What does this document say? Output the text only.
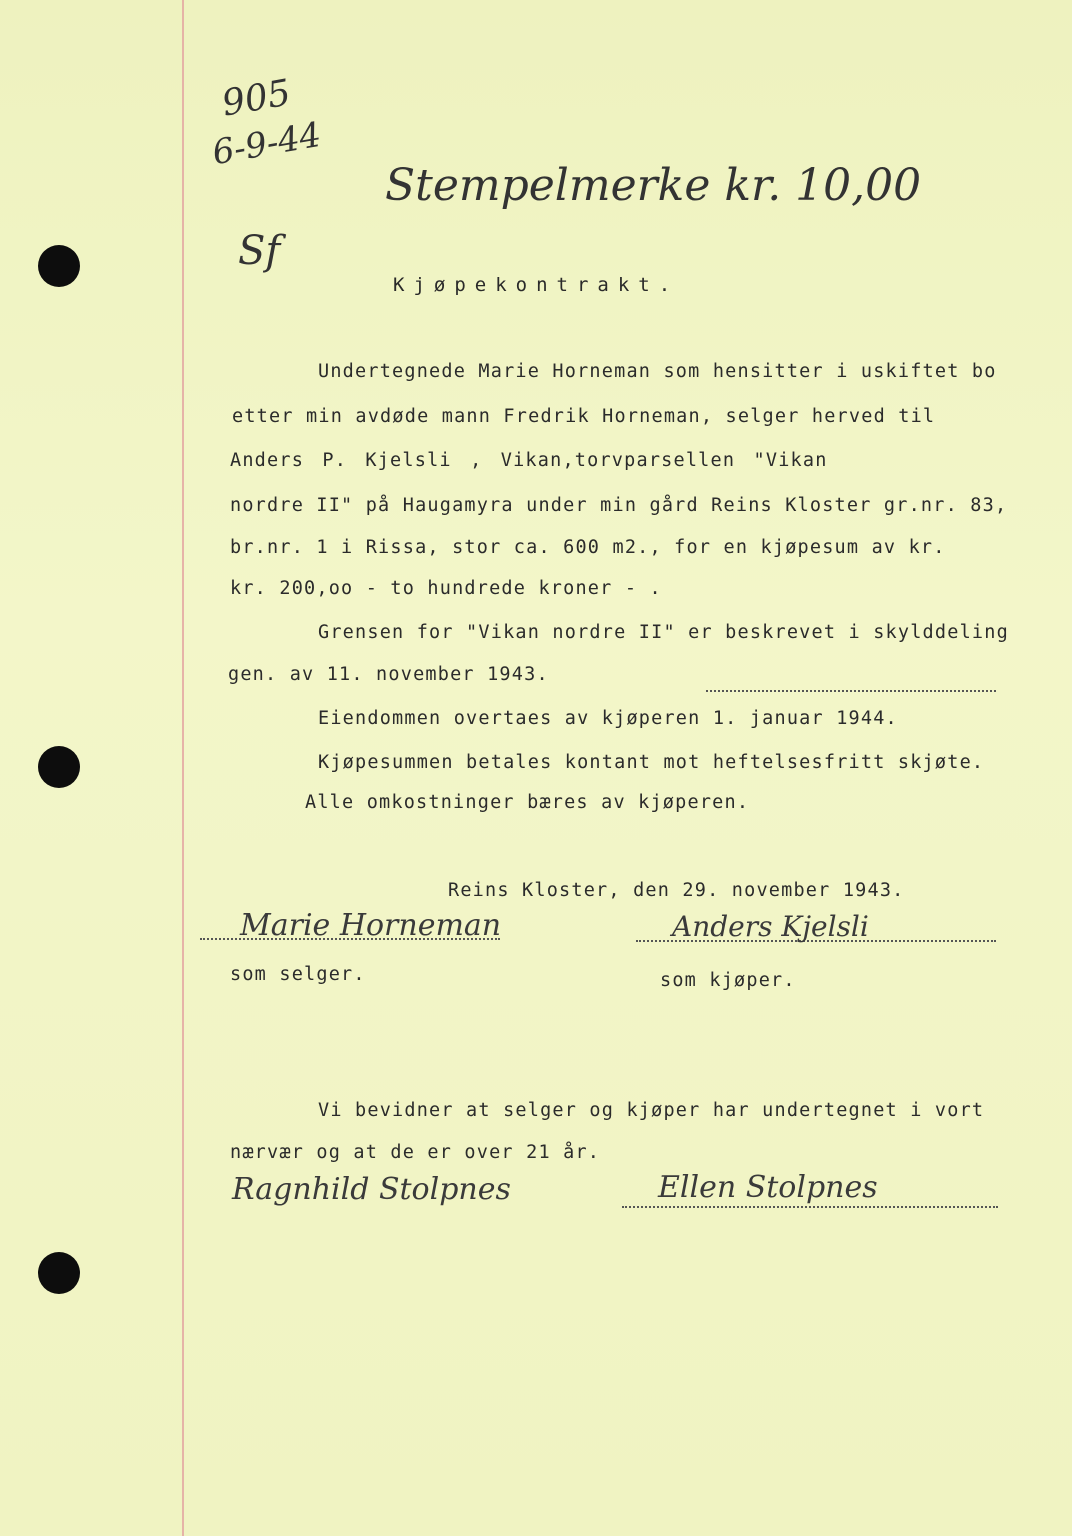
905
6-9-44
Stempelmerke kr. 10,00
Sf
Kjøpekontrakt.
Undertegnede Marie Horneman som hensitter i uskiftet bo
etter min avdøde mann Fredrik Horneman, selger herved til
Anders P. Kjelsli , Vikan,torvparsellen "Vikan
nordre II" på Haugamyra under min gård Reins Kloster gr.nr. 83,
br.nr. 1 i Rissa, stor ca. 600 m2., for en kjøpesum av kr.
kr. 200,oo - to hundrede kroner - .
Grensen for "Vikan nordre II" er beskrevet i skylddeling
gen. av 11. november 1943.
Eiendommen overtaes av kjøperen 1. januar 1944.
Kjøpesummen betales kontant mot heftelsesfritt skjøte.
Alle omkostninger bæres av kjøperen.
Reins Kloster, den 29. november 1943.
Marie Horneman	Anders Kjelsli
som selger.	som kjøper.
Vi bevidner at selger og kjøper har undertegnet i vort
nærvær og at de er over 21 år.
Ragnhild Stolpnes	Ellen Stolpnes
